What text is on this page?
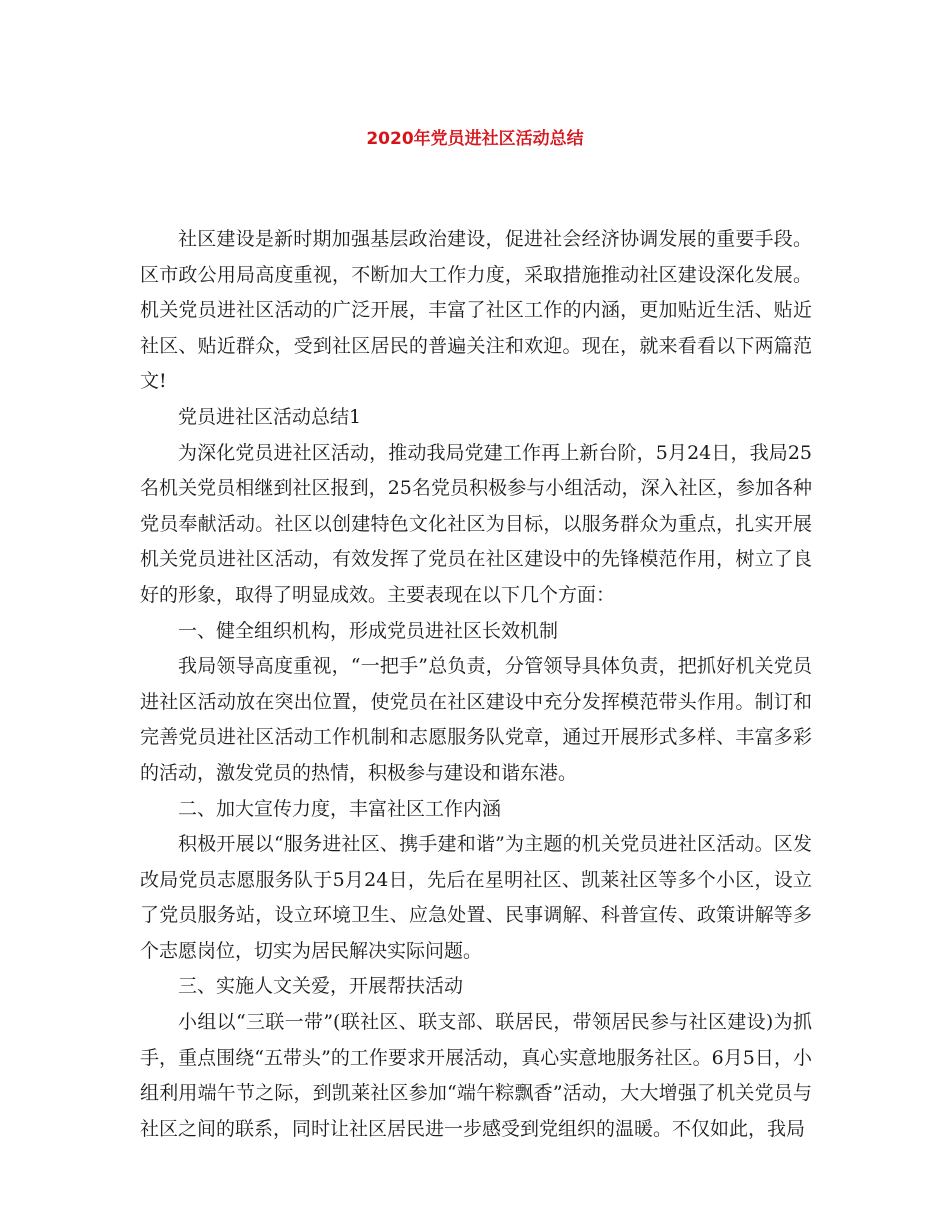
2020年党员进社区活动总结

社区建设是新时期加强基层政治建设，促进社会经济协调发展的重要手段。区市政公用局高度重视，不断加大工作力度，采取措施推动社区建设深化发展。机关党员进社区活动的广泛开展，丰富了社区工作的内涵，更加贴近生活、贴近社区、贴近群众，受到社区居民的普遍关注和欢迎。现在，就来看看以下两篇范文!

党员进社区活动总结1

为深化党员进社区活动，推动我局党建工作再上新台阶，5月24日，我局25名机关党员相继到社区报到，25名党员积极参与小组活动，深入社区，参加各种党员奉献活动。社区以创建特色文化社区为目标，以服务群众为重点，扎实开展机关党员进社区活动，有效发挥了党员在社区建设中的先锋模范作用，树立了良好的形象，取得了明显成效。主要表现在以下几个方面：

一、健全组织机构，形成党员进社区长效机制

我局领导高度重视，“一把手”总负责，分管领导具体负责，把抓好机关党员进社区活动放在突出位置，使党员在社区建设中充分发挥模范带头作用。制订和完善党员进社区活动工作机制和志愿服务队党章，通过开展形式多样、丰富多彩的活动，激发党员的热情，积极参与建设和谐东港。

二、加大宣传力度，丰富社区工作内涵

积极开展以“服务进社区、携手建和谐”为主题的机关党员进社区活动。区发改局党员志愿服务队于5月24日，先后在星明社区、凯莱社区等多个小区，设立了党员服务站，设立环境卫生、应急处置、民事调解、科普宣传、政策讲解等多个志愿岗位，切实为居民解决实际问题。

三、实施人文关爱，开展帮扶活动

小组以“三联一带”(联社区、联支部、联居民，带领居民参与社区建设)为抓手，重点围绕“五带头”的工作要求开展活动，真心实意地服务社区。6月5日，小组利用端午节之际，到凯莱社区参加“端午粽飘香”活动，大大增强了机关党员与社区之间的联系，同时让社区居民进一步感受到党组织的温暖。不仅如此，我局
